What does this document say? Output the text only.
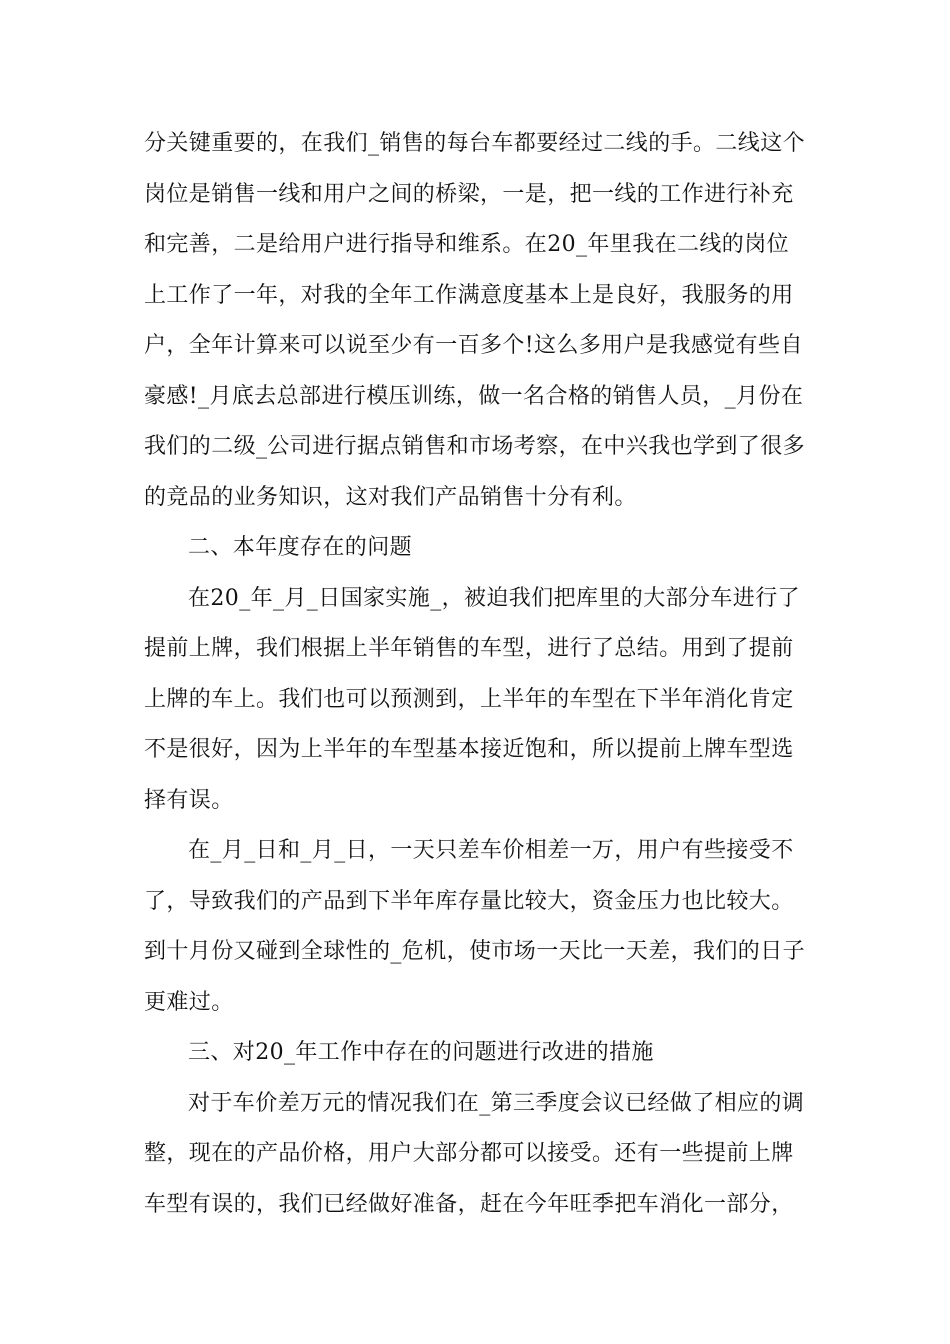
分关键重要的，在我们_销售的每台车都要经过二线的手。二线这个
岗位是销售一线和用户之间的桥梁，一是，把一线的工作进行补充
和完善，二是给用户进行指导和维系。在20_年里我在二线的岗位
上工作了一年，对我的全年工作满意度基本上是良好，我服务的用
户，全年计算来可以说至少有一百多个!这么多用户是我感觉有些自
豪感!_月底去总部进行模压训练，做一名合格的销售人员，_月份在
我们的二级_公司进行据点销售和市场考察，在中兴我也学到了很多
的竞品的业务知识，这对我们产品销售十分有利。
二、本年度存在的问题
在20_年_月_日国家实施_，被迫我们把库里的大部分车进行了
提前上牌，我们根据上半年销售的车型，进行了总结。用到了提前
上牌的车上。我们也可以预测到，上半年的车型在下半年消化肯定
不是很好，因为上半年的车型基本接近饱和，所以提前上牌车型选
择有误。
在_月_日和_月_日，一天只差车价相差一万，用户有些接受不
了，导致我们的产品到下半年库存量比较大，资金压力也比较大。
到十月份又碰到全球性的_危机，使市场一天比一天差，我们的日子
更难过。
三、对20_年工作中存在的问题进行改进的措施
对于车价差万元的情况我们在_第三季度会议已经做了相应的调
整，现在的产品价格，用户大部分都可以接受。还有一些提前上牌
车型有误的，我们已经做好准备，赶在今年旺季把车消化一部分，
